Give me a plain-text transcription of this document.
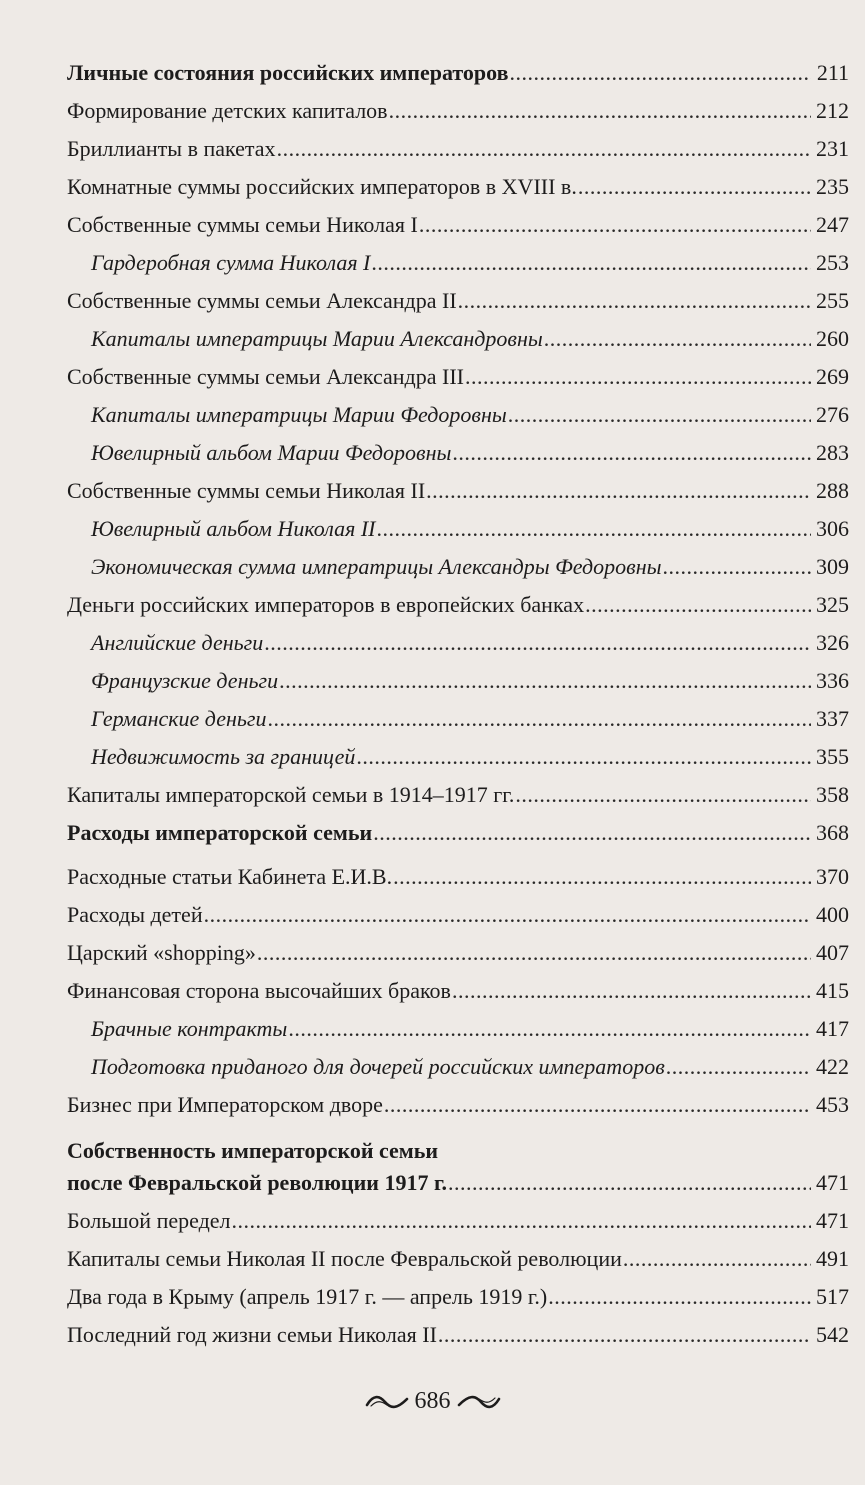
Личные состояния российских императоров .....	211
Формирование детских капиталов .....	212
Бриллианты в пакетах .....	231
Комнатные суммы российских императоров в XVIII в. .....	235
Собственные суммы семьи Николая I .....	247
Гардеробная сумма Николая I .....	253
Собственные суммы семьи Александра II .....	255
Капиталы императрицы Марии Александровны .....	260
Собственные суммы семьи Александра III .....	269
Капиталы императрицы Марии Федоровны .....	276
Ювелирный альбом Марии Федоровны .....	283
Собственные суммы семьи Николая II .....	288
Ювелирный альбом Николая II .....	306
Экономическая сумма императрицы Александры Федоровны .....	309
Деньги российских императоров в европейских банках .....	325
Английские деньги .....	326
Французские деньги .....	336
Германские деньги .....	337
Недвижимость за границей .....	355
Капиталы императорской семьи в 1914–1917 гг. .....	358
Расходы императорской семьи .....	368
Расходные статьи Кабинета Е.И.В. .....	370
Расходы детей .....	400
Царский «shopping» .....	407
Финансовая сторона высочайших браков .....	415
Брачные контракты .....	417
Подготовка приданого для дочерей российских императоров .....	422
Бизнес при Императорском дворе .....	453
Собственность императорской семьи
после Февральской революции 1917 г. .....	471
Большой передел .....	471
Капиталы семьи Николая II после Февральской революции .....	491
Два года в Крыму (апрель 1917 г. — апрель 1919 г.) .....	517
Последний год жизни семьи Николая II .....	542
686
